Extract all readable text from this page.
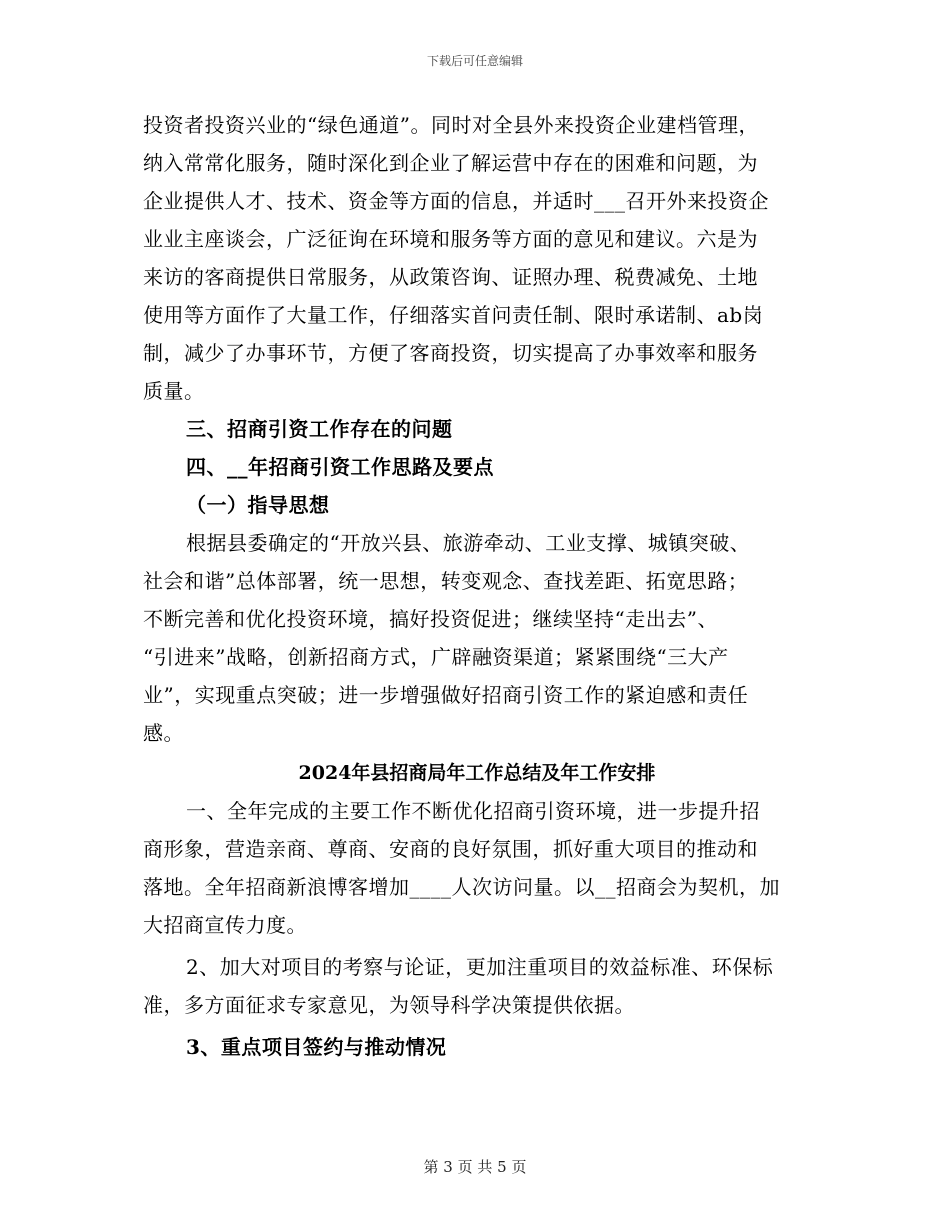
下载后可任意编辑
投资者投资兴业的“绿色通道”。同时对全县外来投资企业建档管理，
纳入常常化服务，随时深化到企业了解运营中存在的困难和问题，为
企业提供人才、技术、资金等方面的信息，并适时___召开外来投资企
业业主座谈会，广泛征询在环境和服务等方面的意见和建议。六是为
来访的客商提供日常服务，从政策咨询、证照办理、税费减免、土地
使用等方面作了大量工作，仔细落实首问责任制、限时承诺制、ab岗
制，减少了办事环节，方便了客商投资，切实提高了办事效率和服务
质量。
三、招商引资工作存在的问题
四、__年招商引资工作思路及要点
（一）指导思想
根据县委确定的“开放兴县、旅游牵动、工业支撑、城镇突破、
社会和谐”总体部署，统一思想，转变观念、查找差距、拓宽思路；
不断完善和优化投资环境，搞好投资促进；继续坚持“走出去”、
“引进来”战略，创新招商方式，广辟融资渠道；紧紧围绕“三大产
业”，实现重点突破；进一步增强做好招商引资工作的紧迫感和责任
感。
2024年县招商局年工作总结及年工作安排
一、全年完成的主要工作不断优化招商引资环境，进一步提升招
商形象，营造亲商、尊商、安商的良好氛围，抓好重大项目的推动和
落地。全年招商新浪博客增加____人次访问量。以__招商会为契机，加
大招商宣传力度。
2、加大对项目的考察与论证，更加注重项目的效益标准、环保标
准，多方面征求专家意见，为领导科学决策提供依据。
3、重点项目签约与推动情况
第 3 页 共 5 页
